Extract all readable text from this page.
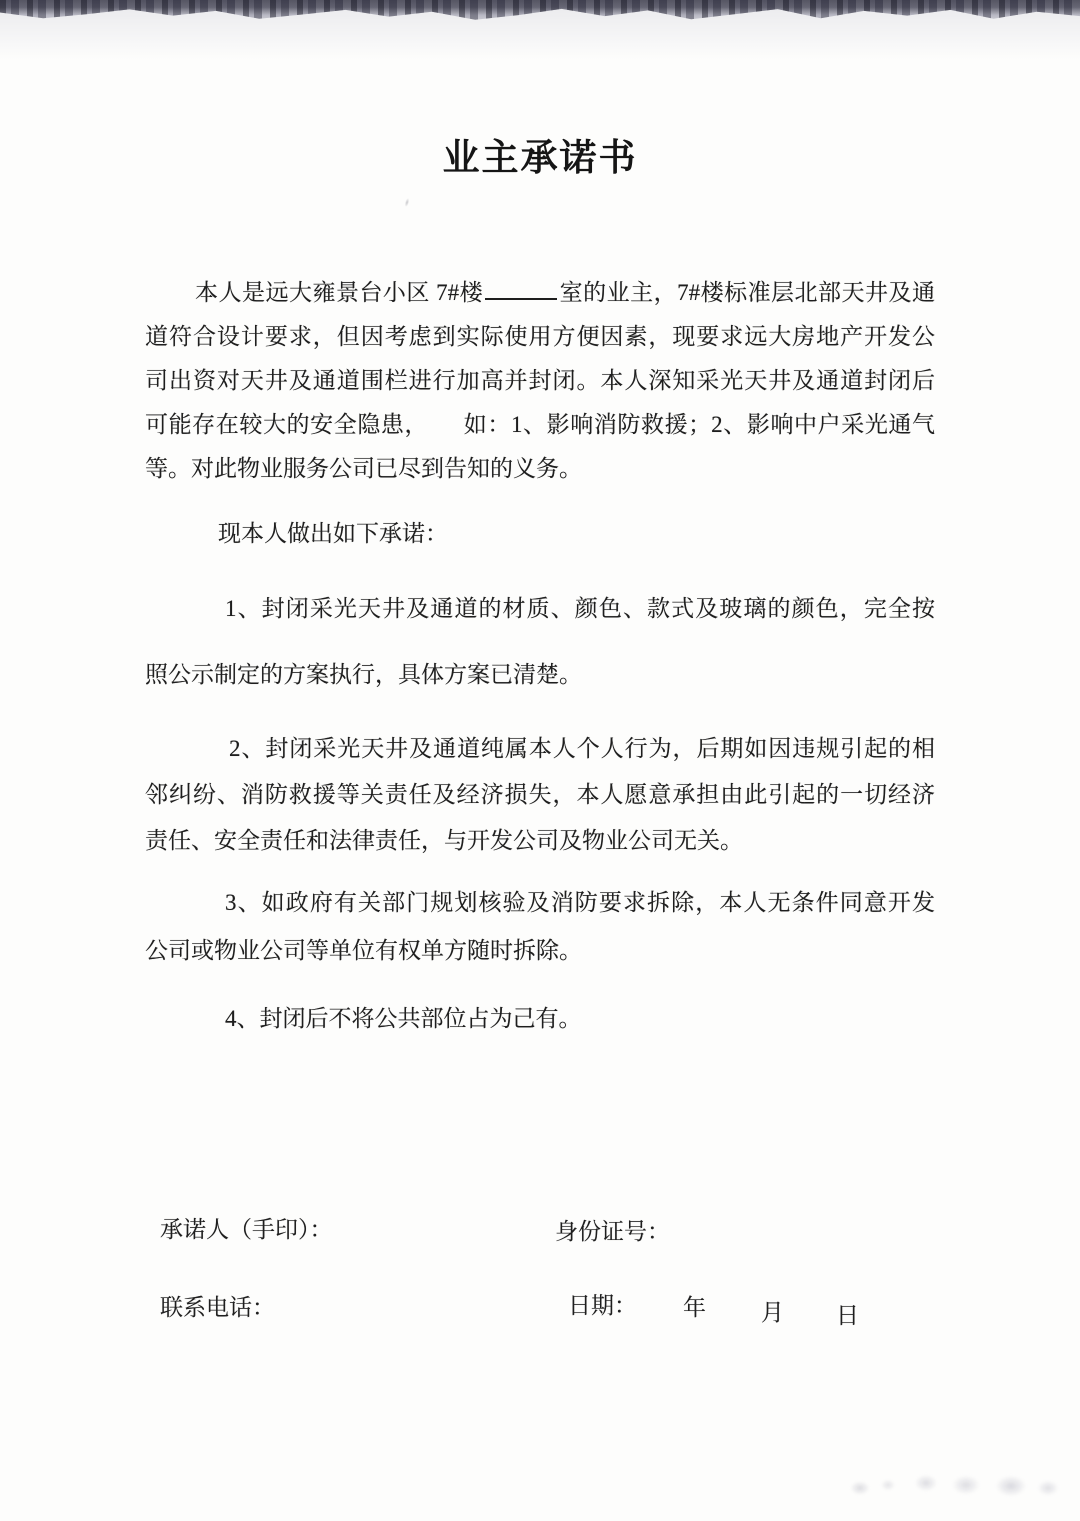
业主承诺书
本人是远大雍景台小区 7#楼	室的业主，7#楼标准层北部天井及通
道符合设计要求，但因考虑到实际使用方便因素，现要求远大房地产开发公
司出资对天井及通道围栏进行加高并封闭。本人深知采光天井及通道封闭后
可能存在较大的安全隐患，　　如：1、影响消防救援；2、影响中户采光通气
等。对此物业服务公司已尽到告知的义务。
现本人做出如下承诺：
1、封闭采光天井及通道的材质、颜色、款式及玻璃的颜色，完全按
照公示制定的方案执行，具体方案已清楚。
2、封闭采光天井及通道纯属本人个人行为，后期如因违规引起的相
邻纠纷、消防救援等关责任及经济损失，本人愿意承担由此引起的一切经济
责任、安全责任和法律责任，与开发公司及物业公司无关。
3、如政府有关部门规划核验及消防要求拆除，本人无条件同意开发
公司或物业公司等单位有权单方随时拆除。
4、封闭后不将公共部位占为己有。
承诺人（手印）：	身份证号：
联系电话：	日期： 年 月 日
